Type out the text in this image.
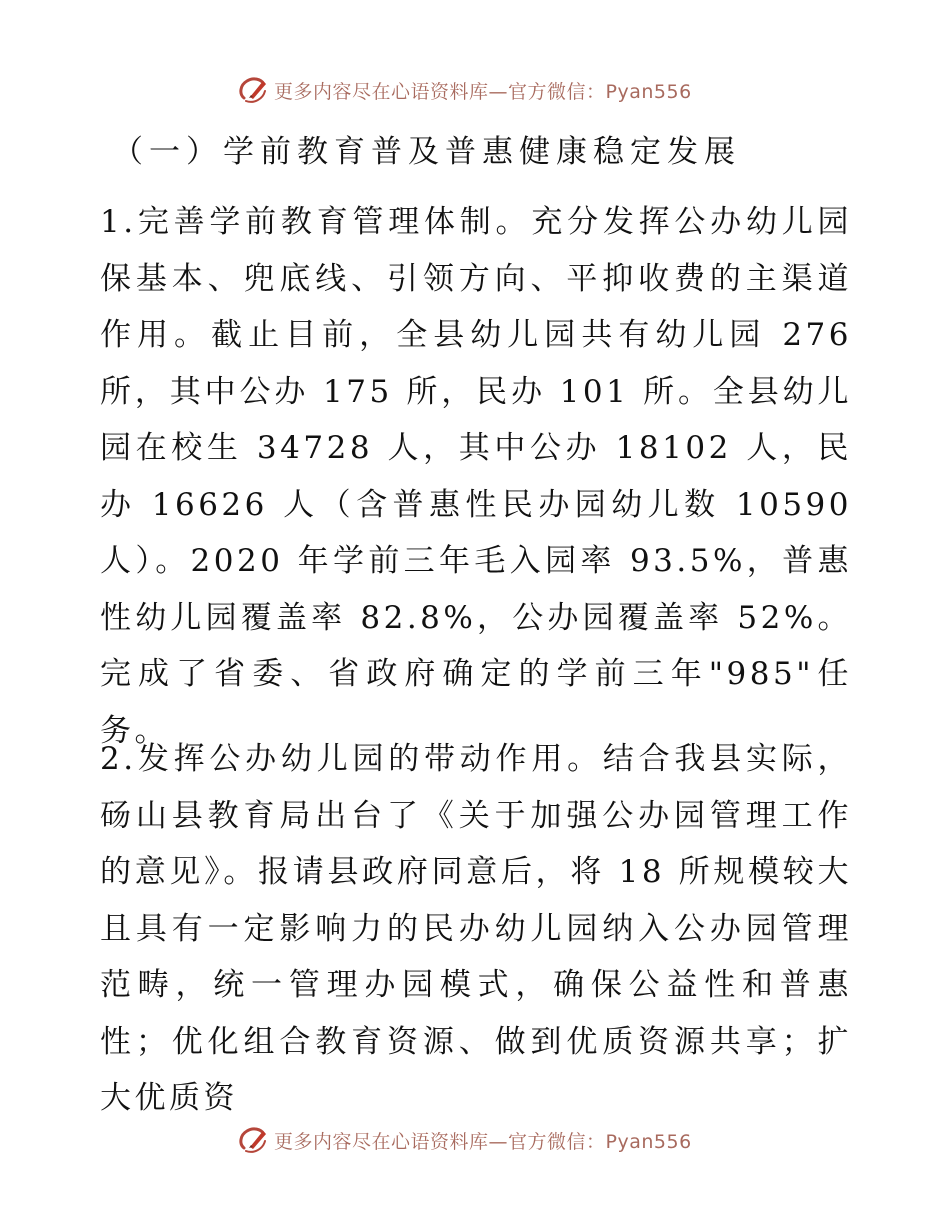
更多内容尽在心语资料库—官方微信：Pyan556
（一）学前教育普及普惠健康稳定发展

1.完善学前教育管理体制。充分发挥公办幼儿园保基本、兜底线、引领方向、平抑收费的主渠道作用。截止目前，全县幼儿园共有幼儿园 276 所，其中公办 175 所，民办 101 所。全县幼儿园在校生 34728 人，其中公办 18102 人，民办 16626 人（含普惠性民办园幼儿数 10590 人）。2020 年学前三年毛入园率 93.5%，普惠性幼儿园覆盖率 82.8%，公办园覆盖率 52%。完成了省委、省政府确定的学前三年"985"任务。

2.发挥公办幼儿园的带动作用。结合我县实际，砀山县教育局出台了《关于加强公办园管理工作的意见》。报请县政府同意后，将 18 所规模较大且具有一定影响力的民办幼儿园纳入公办园管理范畴，统一管理办园模式，确保公益性和普惠性；优化组合教育资源、做到优质资源共享；扩大优质资

更多内容尽在心语资料库—官方微信：Pyan556
